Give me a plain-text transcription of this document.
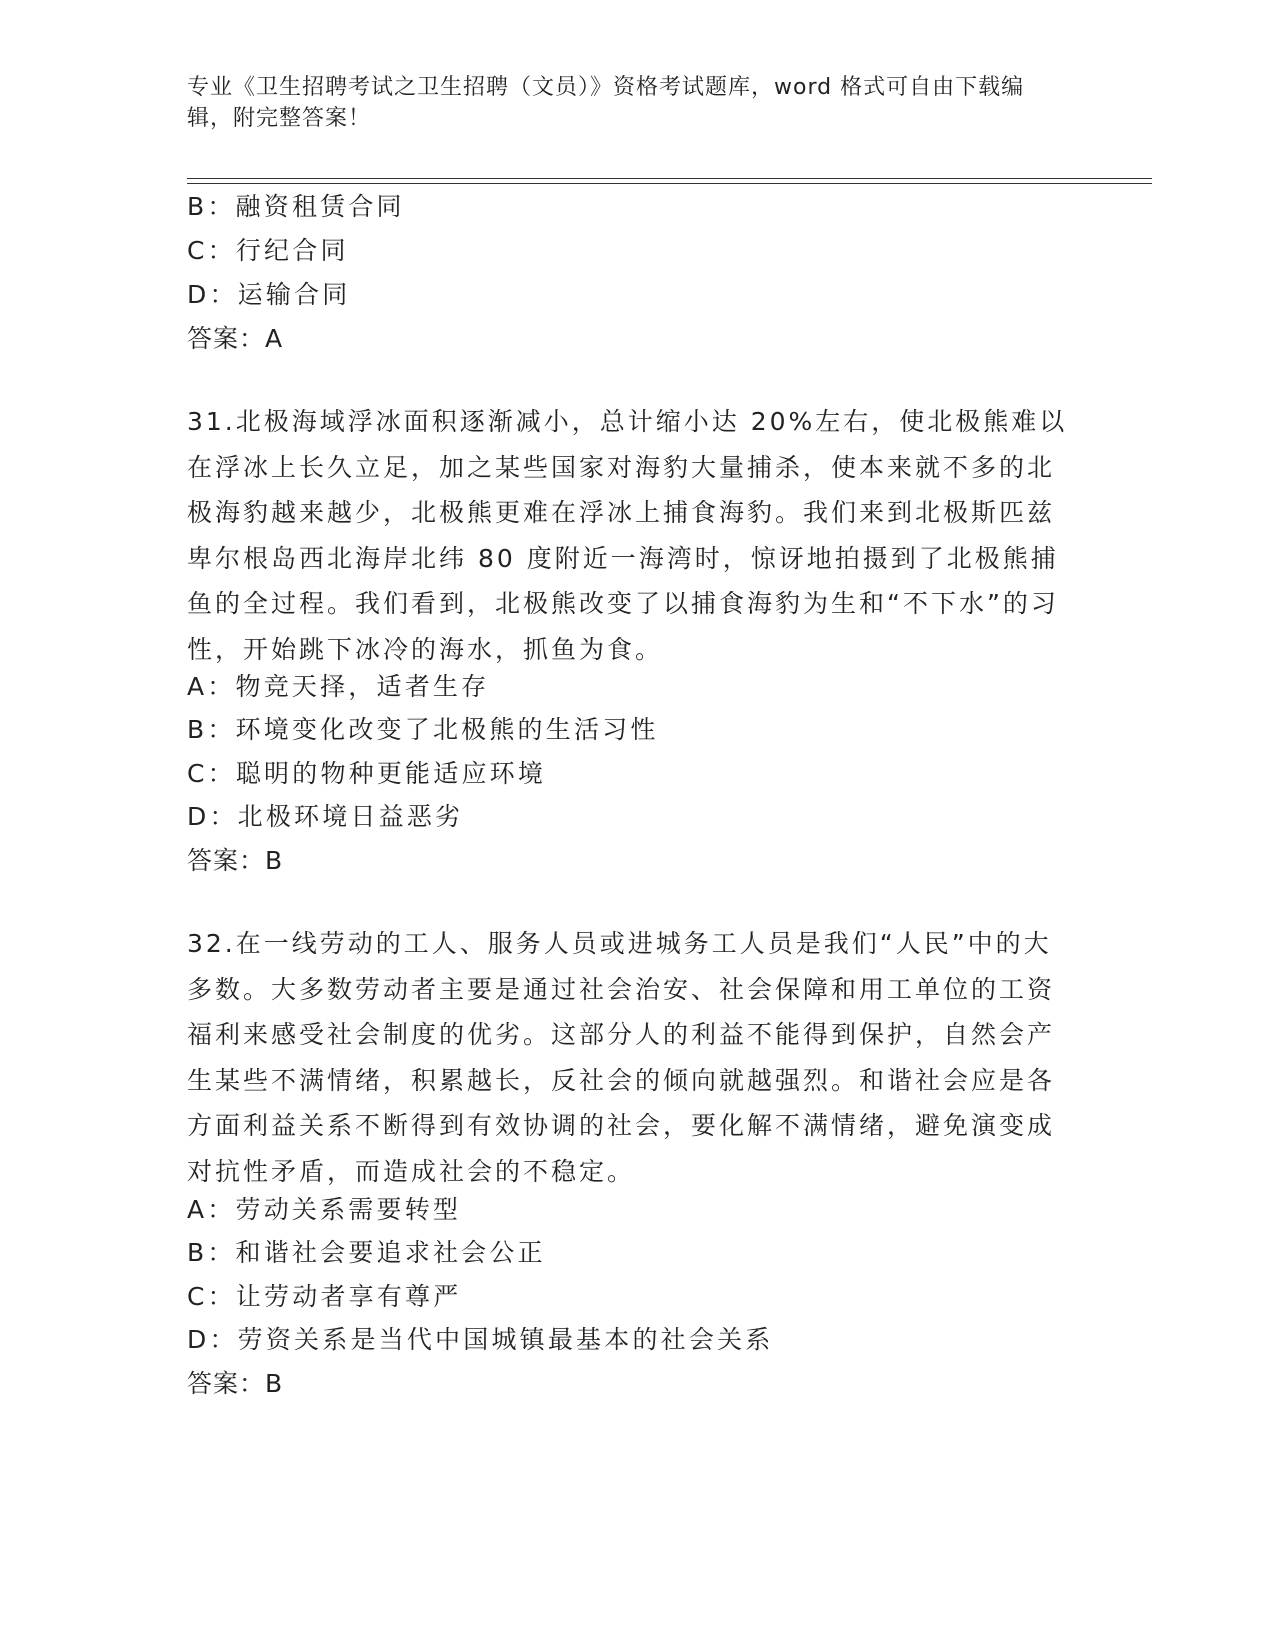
专业《卫生招聘考试之卫生招聘（文员）》资格考试题库，word 格式可自由下载编辑，附完整答案！
B：融资租赁合同
C：行纪合同
D：运输合同
答案：A
31.北极海域浮冰面积逐渐减小，总计缩小达 20%左右，使北极熊难以在浮冰上长久立足，加之某些国家对海豹大量捕杀，使本来就不多的北极海豹越来越少，北极熊更难在浮冰上捕食海豹。我们来到北极斯匹兹卑尔根岛西北海岸北纬 80 度附近一海湾时，惊讶地拍摄到了北极熊捕鱼的全过程。我们看到，北极熊改变了以捕食海豹为生和“不下水”的习性，开始跳下冰冷的海水，抓鱼为食。
A：物竞天择，适者生存
B：环境变化改变了北极熊的生活习性
C：聪明的物种更能适应环境
D：北极环境日益恶劣
答案：B
32.在一线劳动的工人、服务人员或进城务工人员是我们“人民”中的大多数。大多数劳动者主要是通过社会治安、社会保障和用工单位的工资福利来感受社会制度的优劣。这部分人的利益不能得到保护，自然会产生某些不满情绪，积累越长，反社会的倾向就越强烈。和谐社会应是各方面利益关系不断得到有效协调的社会，要化解不满情绪，避免演变成对抗性矛盾，而造成社会的不稳定。
A：劳动关系需要转型
B：和谐社会要追求社会公正
C：让劳动者享有尊严
D：劳资关系是当代中国城镇最基本的社会关系
答案：B
